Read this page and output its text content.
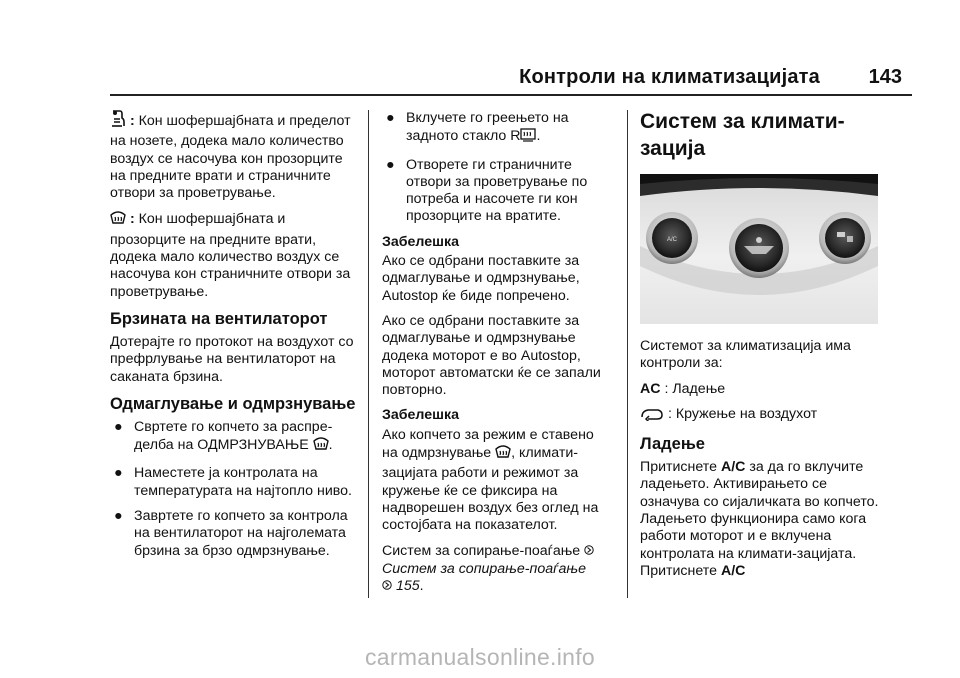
Контроли на климатизацијата 143

: Кон шофершајбната и пределот на нозете, додека мало количество воздух се насочува кон прозорците на предните врати и страничните отвори за проветрување.

: Кон шофершајбната и прозорците на предните врати, додека мало количество воздух се насочува кон страничните отвори за проветрување.

Брзината на вентилаторот

Дотерајте го протокот на воздухот со префрлување на вентилаторот на саканата брзина.

Одмаглување и одмрзнување
● Свртете го копчето за распре-делба на ОДМРЗНУВАЊЕ .
● Наместете ја контролата на температурата на најтопло ниво.
● Завртете го копчето за контрола на вентилаторот на најголемата брзина за брзо одмрзнување.
● Вклучете го греењето на задното стакло R .
● Отворете ги страничните отвори за проветрување по потреба и насочете ги кон прозорците на вратите.
Забелешка

Ако се одбрани поставките за одмаглување и одмрзнување, Autostop ќе биде попречено.

Ако се одбрани поставките за одмаглување и одмрзнување додека моторот е во Autostop, моторот автоматски ќе се запали повторно.

Забелешка

Ако копчето за режим е ставено на одмрзнување , климати-зацијата работи и режимот за кружење ќе се фиксира на надворешен воздух без оглед на состојбата на показателот.

Систем за сопирање-поаѓање
Систем за сопирање-поаѓање
155.

Систем за климати-зација
A/C

Системот за климатизација има контроли за:

AC : Ладење

: Кружење на воздухот

Ладење

Притиснете A/C за да го вклучите ладењето. Активирањето се означува со сијаличката во копчето. Ладењето функционира само кога работи моторот и е вклучена контролата на климати-зацијата. Притиснете A/C

carmanualsonline.info
